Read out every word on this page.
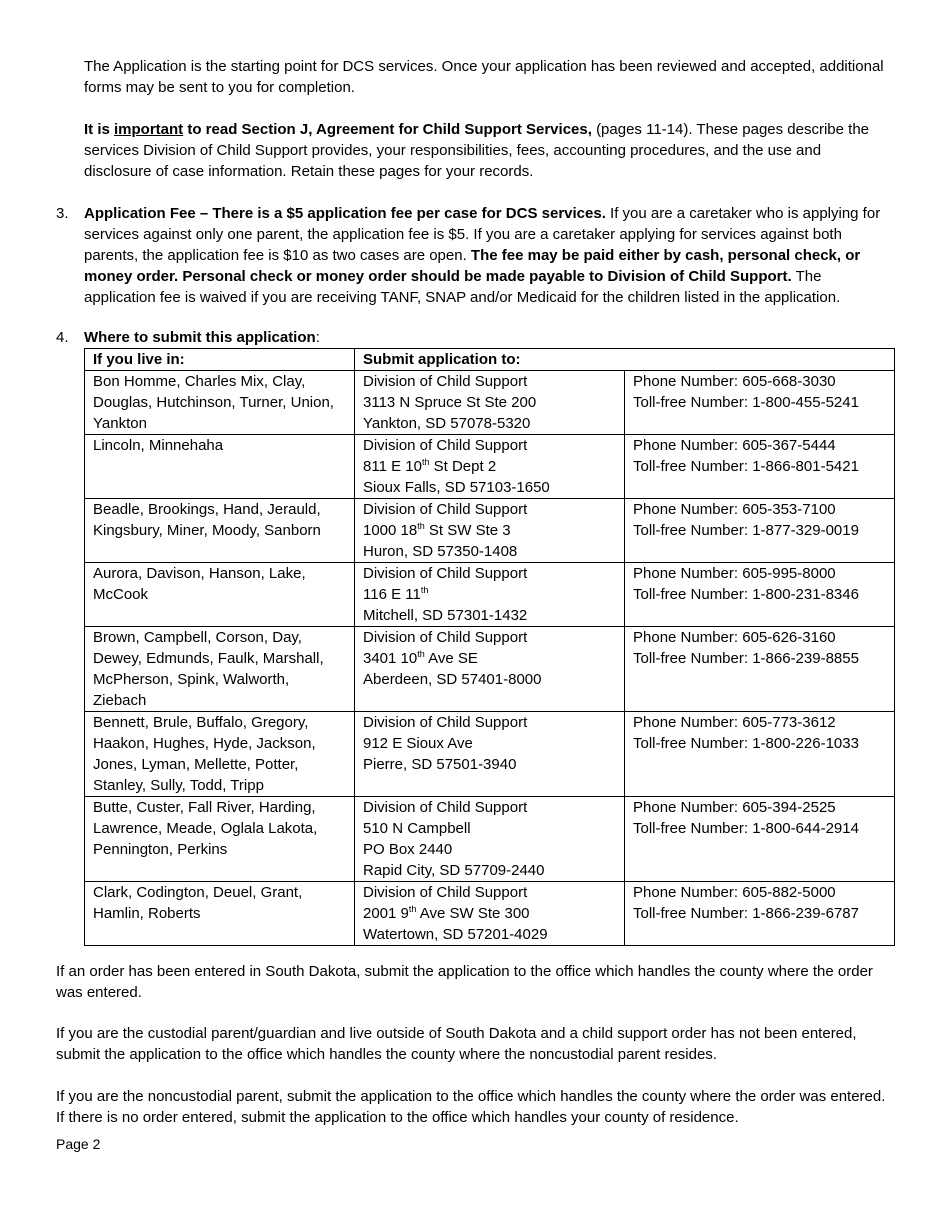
The Application is the starting point for DCS services. Once your application has been reviewed and accepted, additional forms may be sent to you for completion.

It is important to read Section J, Agreement for Child Support Services, (pages 11-14). These pages describe the services Division of Child Support provides, your responsibilities, fees, accounting procedures, and the use and disclosure of case information. Retain these pages for your records.

3. Application Fee – There is a $5 application fee per case for DCS services. If you are a caretaker who is applying for services against only one parent, the application fee is $5. If you are a caretaker applying for services against both parents, the application fee is $10 as two cases are open. The fee may be paid either by cash, personal check, or money order. Personal check or money order should be made payable to Division of Child Support. The application fee is waived if you are receiving TANF, SNAP and/or Medicaid for the children listed in the application.

4. Where to submit this application:

If you live in:	Submit application to:	

Bon Homme, Charles Mix, Clay,
Douglas, Hutchinson, Turner, Union,
Yankton	Division of Child Support
3113 N Spruce St Ste 200
Yankton, SD 57078-5320	Phone Number: 605-668-3030
Toll-free Number: 1-800-455-5241

Lincoln, Minnehaha	Division of Child Support
811 E 10th St Dept 2
Sioux Falls, SD 57103-1650	Phone Number: 605-367-5444
Toll-free Number: 1-866-801-5421

Beadle, Brookings, Hand, Jerauld,
Kingsbury, Miner, Moody, Sanborn	Division of Child Support
1000 18th St SW Ste 3
Huron, SD 57350-1408	Phone Number: 605-353-7100
Toll-free Number: 1-877-329-0019

Aurora, Davison, Hanson, Lake,
McCook	Division of Child Support
116 E 11th
Mitchell, SD 57301-1432	Phone Number: 605-995-8000
Toll-free Number: 1-800-231-8346

Brown, Campbell, Corson, Day,
Dewey, Edmunds, Faulk, Marshall,
McPherson, Spink, Walworth,
Ziebach	Division of Child Support
3401 10th Ave SE
Aberdeen, SD 57401-8000	Phone Number: 605-626-3160
Toll-free Number: 1-866-239-8855

Bennett, Brule, Buffalo, Gregory,
Haakon, Hughes, Hyde, Jackson,
Jones, Lyman, Mellette, Potter,
Stanley, Sully, Todd, Tripp	Division of Child Support
912 E Sioux Ave
Pierre, SD 57501-3940	Phone Number: 605-773-3612
Toll-free Number: 1-800-226-1033

Butte, Custer, Fall River, Harding,
Lawrence, Meade, Oglala Lakota,
Pennington, Perkins	Division of Child Support
510 N Campbell
PO Box 2440
Rapid City, SD 57709-2440	Phone Number: 605-394-2525
Toll-free Number: 1-800-644-2914

Clark, Codington, Deuel, Grant,
Hamlin, Roberts	Division of Child Support
2001 9th Ave SW Ste 300
Watertown, SD 57201-4029	Phone Number: 605-882-5000
Toll-free Number: 1-866-239-6787

If an order has been entered in South Dakota, submit the application to the office which handles the county where the order was entered.

If you are the custodial parent/guardian and live outside of South Dakota and a child support order has not been entered, submit the application to the office which handles the county where the noncustodial parent resides.

If you are the noncustodial parent, submit the application to the office which handles the county where the order was entered. If there is no order entered, submit the application to the office which handles your county of residence.

Page 2
